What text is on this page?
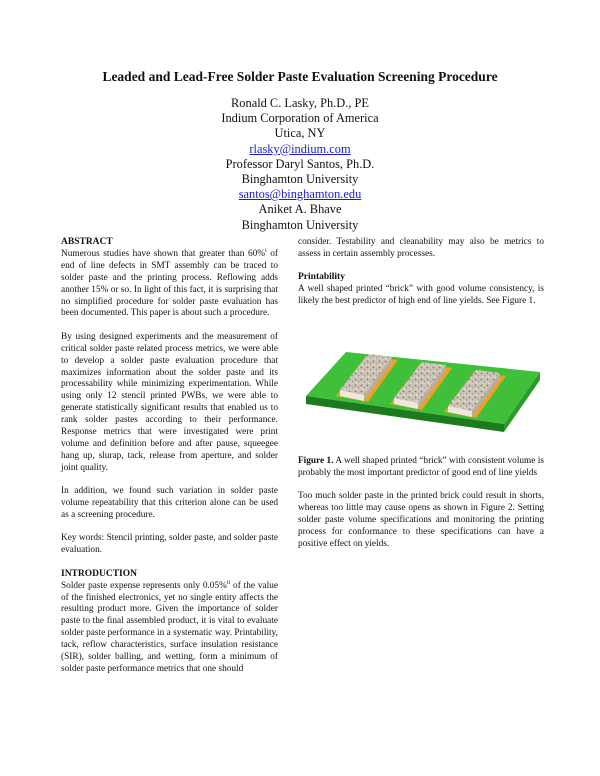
Leaded and Lead-Free Solder Paste Evaluation Screening Procedure
Ronald C. Lasky, Ph.D., PE
Indium Corporation of America
Utica, NY
rlasky@indium.com
Professor Daryl Santos, Ph.D.
Binghamton University
santos@binghamton.edu
Aniket A. Bhave
Binghamton University
ABSTRACT

Numerous studies have shown that greater than 60%$^i$ of end of line defects in SMT assembly can be traced to solder paste and the printing process. Reflowing adds another 15% or so. In light of this fact, it is surprising that no simplified procedure for solder paste evaluation has been documented. This paper is about such a procedure.

By using designed experiments and the measurement of critical solder paste related process metrics, we were able to develop a solder paste evaluation procedure that maximizes information about the solder paste and its processability while minimizing experimentation. While using only 12 stencil printed PWBs, we were able to generate statistically significant results that enabled us to rank solder pastes according to their performance. Response metrics that were investigated were print volume and definition before and after pause, squeegee hang up, slurap, tack, release from aperture, and solder joint quality.

In addition, we found such variation in solder paste volume repeatability that this criterion alone can be used as a screening procedure.

Key words: Stencil printing, solder paste, and solder paste evaluation.

INTRODUCTION

Solder paste expense represents only 0.05%$^{ii}$ of the value of the finished electronics, yet no single entity affects the resulting product more. Given the importance of solder paste to the final assembled product, it is vital to evaluate solder paste performance in a systematic way. Printability, tack, reflow characteristics, surface insulation resistance (SIR), solder balling, and wetting, form a minimum of solder paste performance metrics that one should

consider. Testability and cleanability may also be metrics to assess in certain assembly processes.

Printability

A well shaped printed “brick” with good volume consistency, is likely the best predictor of high end of line yields. See Figure 1.

Figure 1. A well shaped printed “brick” with consistent volume is probably the most important predictor of good end of line yields

Too much solder paste in the printed brick could result in shorts, whereas too little may cause opens as shown in Figure 2. Setting solder paste volume specifications and monitoring the printing process for conformance to these specifications can have a positive effect on yields.
